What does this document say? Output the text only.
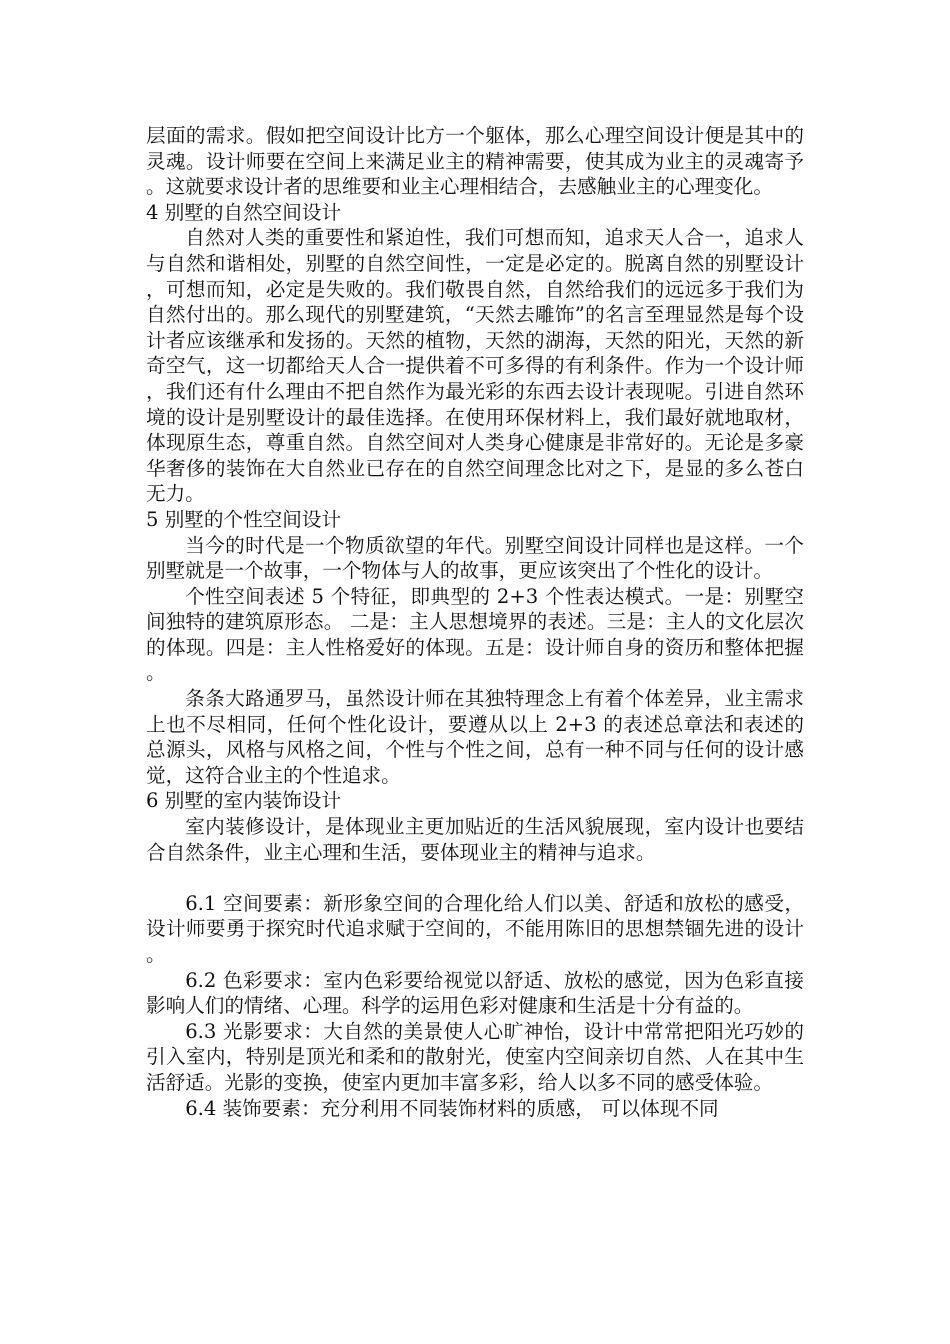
层面的需求。假如把空间设计比方一个躯体，那么心理空间设计便是其中的灵魂。设计师要在空间上来满足业主的精神需要，使其成为业主的灵魂寄予。这就要求设计者的思维要和业主心理相结合，去感触业主的心理变化。

4 别墅的自然空间设计

自然对人类的重要性和紧迫性，我们可想而知，追求天人合一，追求人与自然和谐相处，别墅的自然空间性，一定是必定的。脱离自然的别墅设计，可想而知，必定是失败的。我们敬畏自然，自然给我们的远远多于我们为自然付出的。那么现代的别墅建筑，“天然去雕饰”的名言至理显然是每个设计者应该继承和发扬的。天然的植物，天然的湖海，天然的阳光，天然的新奇空气，这一切都给天人合一提供着不可多得的有利条件。作为一个设计师，我们还有什么理由不把自然作为最光彩的东西去设计表现呢。引进自然环境的设计是别墅设计的最佳选择。在使用环保材料上，我们最好就地取材，体现原生态，尊重自然。自然空间对人类身心健康是非常好的。无论是多豪华奢侈的装饰在大自然业已存在的自然空间理念比对之下，是显的多么苍白无力。

5 别墅的个性空间设计

当今的时代是一个物质欲望的年代。别墅空间设计同样也是这样。一个别墅就是一个故事，一个物体与人的故事，更应该突出了个性化的设计。

个性空间表述 5 个特征，即典型的 2+3 个性表达模式。一是：别墅空间独特的建筑原形态。 二是：主人思想境界的表述。三是：主人的文化层次的体现。四是：主人性格爱好的体现。五是：设计师自身的资历和整体把握。

条条大路通罗马，虽然设计师在其独特理念上有着个体差异，业主需求上也不尽相同，任何个性化设计，要遵从以上 2+3 的表述总章法和表述的总源头，风格与风格之间，个性与个性之间，总有一种不同与任何的设计感觉，这符合业主的个性追求。

6 别墅的室内装饰设计

室内装修设计，是体现业主更加贴近的生活风貌展现，室内设计也要结合自然条件，业主心理和生活，要体现业主的精神与追求。

6.1 空间要素：新形象空间的合理化给人们以美、舒适和放松的感受，设计师要勇于探究时代追求赋于空间的，不能用陈旧的思想禁锢先进的设计。

6.2 色彩要求：室内色彩要给视觉以舒适、放松的感觉，因为色彩直接影响人们的情绪、心理。科学的运用色彩对健康和生活是十分有益的。

6.3 光影要求：大自然的美景使人心旷神怡，设计中常常把阳光巧妙的引入室内，特别是顶光和柔和的散射光，使室内空间亲切自然、人在其中生活舒适。光影的变换，使室内更加丰富多彩，给人以多不同的感受体验。

6.4 装饰要素：充分利用不同装饰材料的质感， 可以体现不同
